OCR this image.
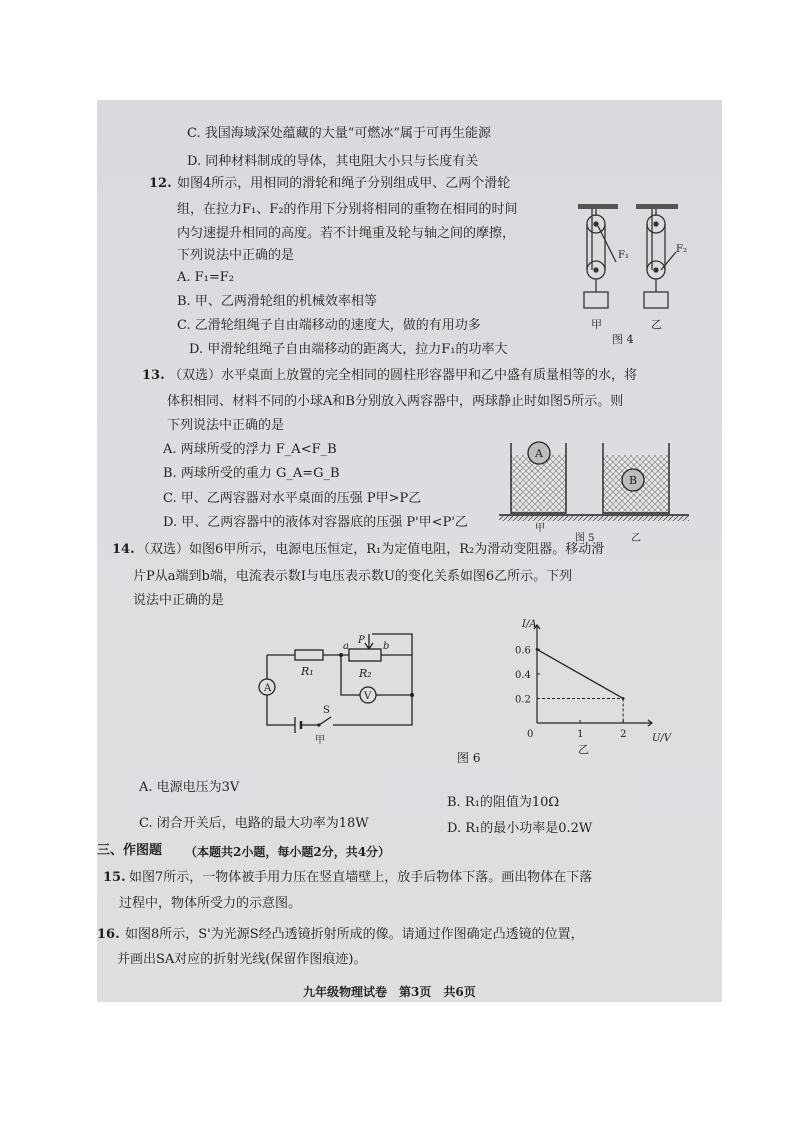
C. 我国海域深处蕴藏的大量“可燃冰”属于可再生能源
D. 同种材料制成的导体，其电阻大小只与长度有关
12. 如图4所示，用相同的滑轮和绳子分别组成甲、乙两个滑轮
组，在拉力F₁、F₂的作用下分别将相同的重物在相同的时间
内匀速提升相同的高度。若不计绳重及轮与轴之间的摩擦，
下列说法中正确的是
A. F₁=F₂
B. 甲、乙两滑轮组的机械效率相等
C. 乙滑轮组绳子自由端移动的速度大，做的有用功多
D. 甲滑轮组绳子自由端移动的距离大，拉力F₁的功率大
F₁
F₂
甲	乙
图 4
13. （双选）水平桌面上放置的完全相同的圆柱形容器甲和乙中盛有质量相等的水，将
体积相同、材料不同的小球A和B分别放入两容器中，两球静止时如图5所示。则
下列说法中正确的是
A. 两球所受的浮力 F_A<F_B
B. 两球所受的重力 G_A=G_B
C. 甲、乙两容器对水平桌面的压强 P甲>P乙
D. 甲、乙两容器中的液体对容器底的压强 P'甲<P'乙
A
B
甲
乙
图 5
14. （双选）如图6甲所示，电源电压恒定，R₁为定值电阻，R₂为滑动变阻器。移动滑
片P从a端到b端，电流表示数I与电压表示数U的变化关系如图6乙所示。下列
说法中正确的是
A
V
R₁	R₂
a	b
P
S
甲
图 6
I/A
U/V
乙
0.2
0.4
0.6
0	1	2
A. 电源电压为3V
B. R₁的阻值为10Ω
C. 闭合开关后，电路的最大功率为18W	D. R₁的最小功率是0.2W
三、作图题 （本题共2小题，每小题2分，共4分）
15. 如图7所示，一物体被手用力压在竖直墙壁上，放手后物体下落。画出物体在下落
过程中，物体所受力的示意图。
16. 如图8所示，S'为光源S经凸透镜折射所成的像。请通过作图确定凸透镜的位置，
并画出SA对应的折射光线(保留作图痕迹)。
九年级物理试卷　第3页　共6页
